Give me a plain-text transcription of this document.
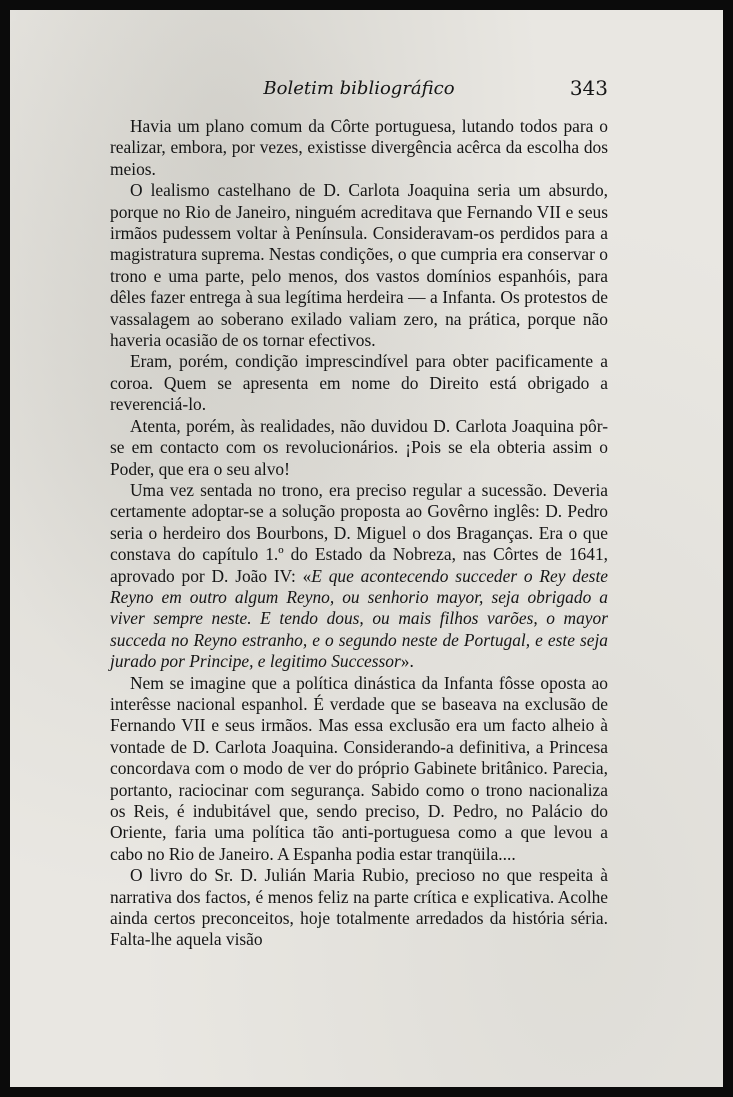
Boletim bibliográfico	343

Havia um plano comum da Côrte portuguesa, lutando todos para o realizar, embora, por vezes, existisse divergência acêrca da escolha dos meios.

O lealismo castelhano de D. Carlota Joaquina seria um absurdo, porque no Rio de Janeiro, ninguém acreditava que Fernando VII e seus irmãos pudessem voltar à Península. Consideravam-os perdidos para a magistratura suprema. Nestas condições, o que cumpria era conservar o trono e uma parte, pelo menos, dos vastos domínios espanhóis, para dêles fazer entrega à sua legítima herdeira — a Infanta. Os protestos de vassalagem ao soberano exilado valiam zero, na prática, porque não haveria ocasião de os tornar efectivos.

Eram, porém, condição imprescindível para obter pacificamente a coroa. Quem se apresenta em nome do Direito está obrigado a reverenciá-lo.

Atenta, porém, às realidades, não duvidou D. Carlota Joaquina pôr-se em contacto com os revolucionários. ¡Pois se ela obteria assim o Poder, que era o seu alvo!

Uma vez sentada no trono, era preciso regular a sucessão. Deveria certamente adoptar-se a solução proposta ao Govêrno inglês: D. Pedro seria o herdeiro dos Bourbons, D. Miguel o dos Braganças. Era o que constava do capítulo 1.º do Estado da Nobreza, nas Côrtes de 1641, aprovado por D. João IV: «E que acontecendo succeder o Rey deste Reyno em outro algum Reyno, ou senhorio mayor, seja obrigado a viver sempre neste. E tendo dous, ou mais filhos varões, o mayor succeda no Reyno estranho, e o segundo neste de Portugal, e este seja jurado por Principe, e legitimo Successor».

Nem se imagine que a política dinástica da Infanta fôsse oposta ao interêsse nacional espanhol. É verdade que se baseava na exclusão de Fernando VII e seus irmãos. Mas essa exclusão era um facto alheio à vontade de D. Carlota Joaquina. Considerando-a definitiva, a Princesa concordava com o modo de ver do próprio Gabinete britânico. Parecia, portanto, raciocinar com segurança. Sabido como o trono nacionaliza os Reis, é indubitável que, sendo preciso, D. Pedro, no Palácio do Oriente, faria uma política tão anti-portuguesa como a que levou a cabo no Rio de Janeiro. A Espanha podia estar tranqüila....

O livro do Sr. D. Julián Maria Rubio, precioso no que respeita à narrativa dos factos, é menos feliz na parte crítica e explicativa. Acolhe ainda certos preconceitos, hoje totalmente arredados da história séria. Falta-lhe aquela visão
